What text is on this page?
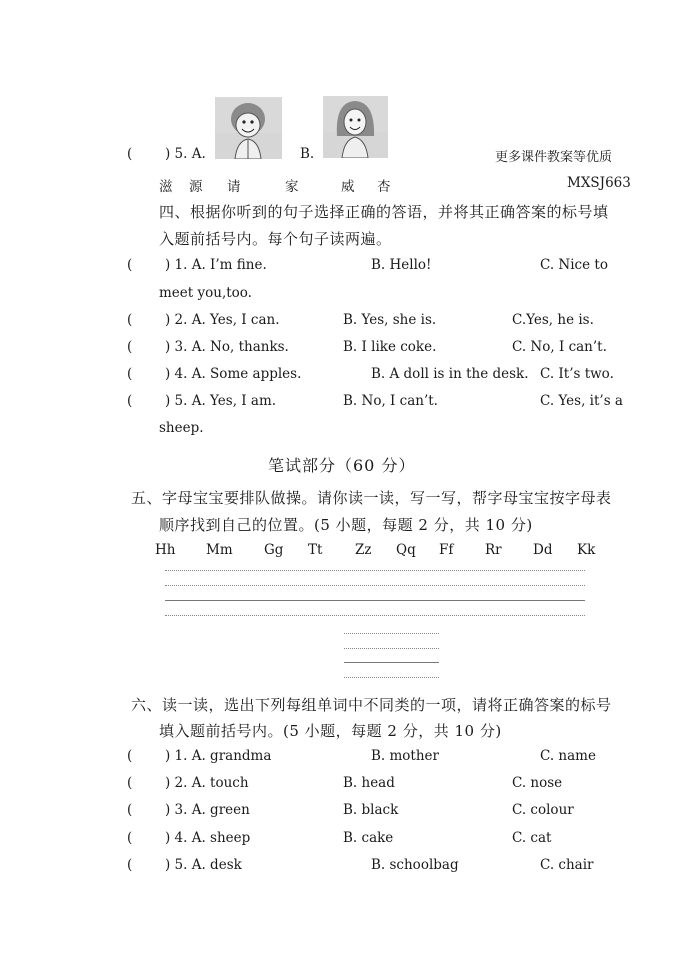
( ) 5. A.	B.	更多课件教案等优质
滋 源 请	家	威 杏	MXSJ663
四、根据你听到的句子选择正确的答语，并将其正确答案的标号填
入题前括号内。每个句子读两遍。
( ) 1. A. I’m fine.	B. Hello!	C. Nice to
meet you,too.
( ) 2. A. Yes, I can.	B. Yes, she is.	C.Yes, he is.
( ) 3. A. No, thanks.	B. I like coke.	C. No, I can’t.
( ) 4. A. Some apples.	B. A doll is in the desk. C. It’s two.
( ) 5. A. Yes, I am.	B. No, I can’t.	C. Yes, it’s a
sheep.
笔试部分（60 分）
五、字母宝宝要排队做操。请你读一读，写一写，帮字母宝宝按字母表
顺序找到自己的位置。(5 小题，每题 2 分，共 10 分)
Hh Mm Gg Tt Zz Qq Ff Rr Dd Kk
六、读一读，选出下列每组单词中不同类的一项，请将正确答案的标号
填入题前括号内。(5 小题，每题 2 分，共 10 分)
( ) 1. A. grandma	B. mother	C. name
( ) 2. A. touch	B. head	C. nose
( ) 3. A. green	B. black	C. colour
( ) 4. A. sheep	B. cake	C. cat
( ) 5. A. desk	B. schoolbag	C. chair
